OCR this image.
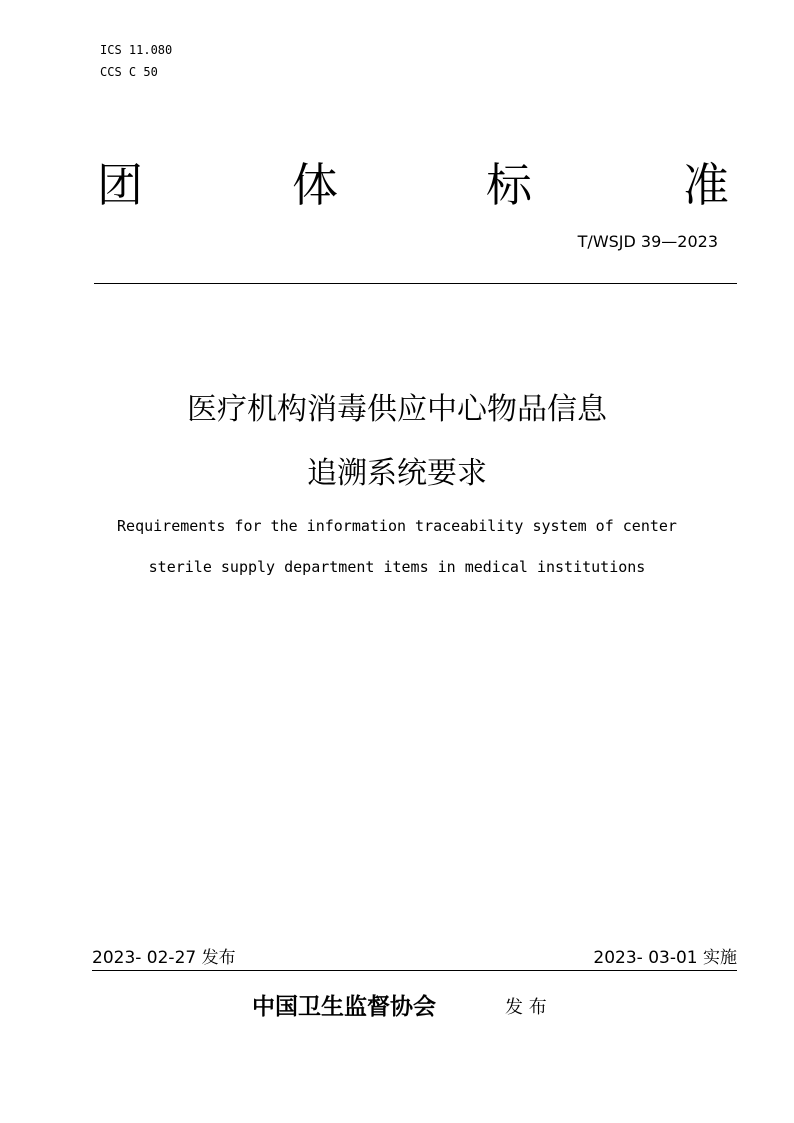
ICS 11.080
CCS C 50
团	体	标	准
T/WSJD 39—2023
医疗机构消毒供应中心物品信息
追溯系统要求
Requirements for the information traceability system of center
sterile supply department items in medical institutions
2023- 02-27 发布	2023- 03-01 实施
中国卫生监督协会	发 布
